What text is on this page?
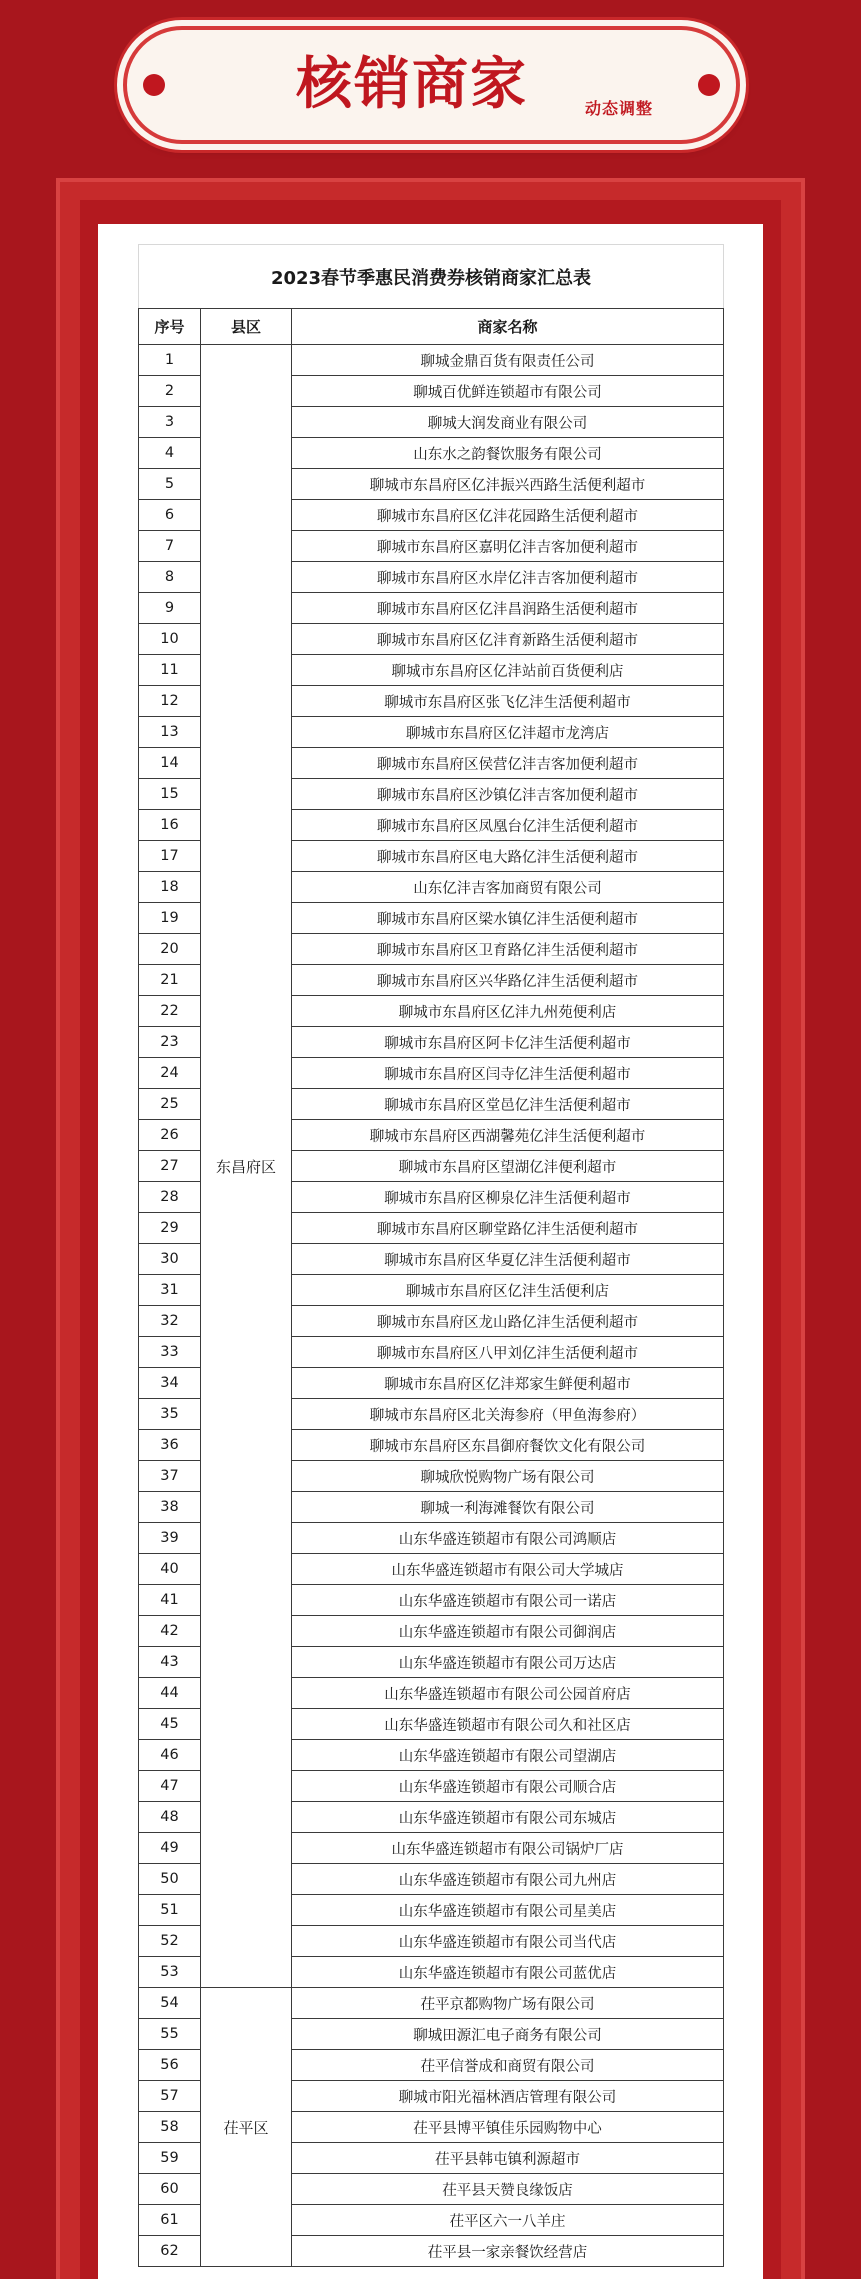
核销商家	动态调整
2023春节季惠民消费券核销商家汇总表		
序号	县区	商家名称
1	东昌府区	聊城金鼎百货有限责任公司
2		聊城百优鲜连锁超市有限公司
3		聊城大润发商业有限公司
4		山东水之韵餐饮服务有限公司
5		聊城市东昌府区亿沣振兴西路生活便利超市
6		聊城市东昌府区亿沣花园路生活便利超市
7		聊城市东昌府区嘉明亿沣吉客加便利超市
8		聊城市东昌府区水岸亿沣吉客加便利超市
9		聊城市东昌府区亿沣昌润路生活便利超市
10		聊城市东昌府区亿沣育新路生活便利超市
11		聊城市东昌府区亿沣站前百货便利店
12		聊城市东昌府区张飞亿沣生活便利超市
13		聊城市东昌府区亿沣超市龙湾店
14		聊城市东昌府区侯营亿沣吉客加便利超市
15		聊城市东昌府区沙镇亿沣吉客加便利超市
16		聊城市东昌府区凤凰台亿沣生活便利超市
17		聊城市东昌府区电大路亿沣生活便利超市
18		山东亿沣吉客加商贸有限公司
19		聊城市东昌府区梁水镇亿沣生活便利超市
20		聊城市东昌府区卫育路亿沣生活便利超市
21		聊城市东昌府区兴华路亿沣生活便利超市
22		聊城市东昌府区亿沣九州苑便利店
23		聊城市东昌府区阿卡亿沣生活便利超市
24		聊城市东昌府区闫寺亿沣生活便利超市
25		聊城市东昌府区堂邑亿沣生活便利超市
26		聊城市东昌府区西湖馨苑亿沣生活便利超市
27		聊城市东昌府区望湖亿沣便利超市
28		聊城市东昌府区柳泉亿沣生活便利超市
29		聊城市东昌府区聊堂路亿沣生活便利超市
30		聊城市东昌府区华夏亿沣生活便利超市
31		聊城市东昌府区亿沣生活便利店
32		聊城市东昌府区龙山路亿沣生活便利超市
33		聊城市东昌府区八甲刘亿沣生活便利超市
34		聊城市东昌府区亿沣郑家生鲜便利超市
35		聊城市东昌府区北关海参府（甲鱼海参府）
36		聊城市东昌府区东昌御府餐饮文化有限公司
37		聊城欣悦购物广场有限公司
38		聊城一利海滩餐饮有限公司
39		山东华盛连锁超市有限公司鸿顺店
40		山东华盛连锁超市有限公司大学城店
41		山东华盛连锁超市有限公司一诺店
42		山东华盛连锁超市有限公司御润店
43		山东华盛连锁超市有限公司万达店
44		山东华盛连锁超市有限公司公园首府店
45		山东华盛连锁超市有限公司久和社区店
46		山东华盛连锁超市有限公司望湖店
47		山东华盛连锁超市有限公司顺合店
48		山东华盛连锁超市有限公司东城店
49		山东华盛连锁超市有限公司锅炉厂店
50		山东华盛连锁超市有限公司九州店
51		山东华盛连锁超市有限公司星美店
52		山东华盛连锁超市有限公司当代店
53		山东华盛连锁超市有限公司蓝优店
54	茌平区	茌平京都购物广场有限公司
55		聊城田源汇电子商务有限公司
56		茌平信誉成和商贸有限公司
57		聊城市阳光福林酒店管理有限公司
58		茌平县博平镇佳乐园购物中心
59		茌平县韩屯镇利源超市
60		茌平县天赞良缘饭店
61		茌平区六一八羊庄
62		茌平县一家亲餐饮经营店
